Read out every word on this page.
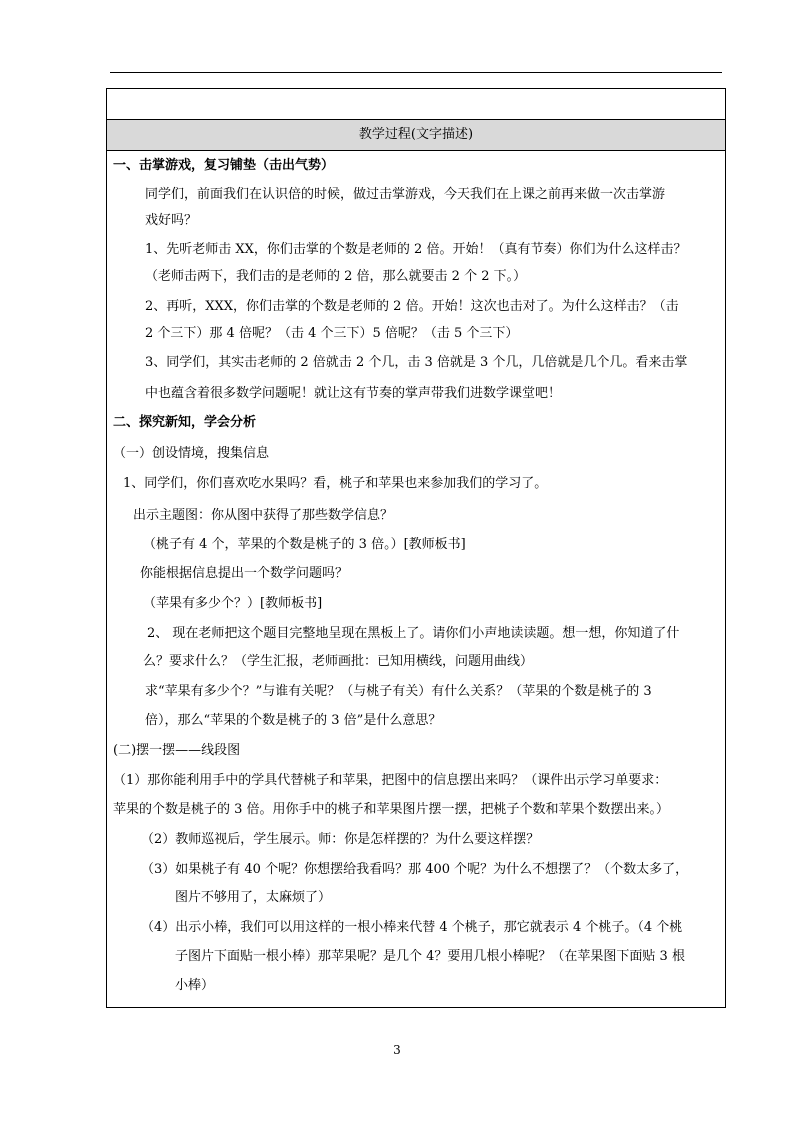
教学过程(文字描述)
一、击掌游戏，复习铺垫（击出气势）
同学们，前面我们在认识倍的时候，做过击掌游戏，今天我们在上课之前再来做一次击掌游
戏好吗？
1、先听老师击 XX，你们击掌的个数是老师的 2 倍。开始！（真有节奏）你们为什么这样击？
（老师击两下，我们击的是老师的 2 倍，那么就要击 2 个 2 下。）
2、再听，XXX，你们击掌的个数是老师的 2 倍。开始！这次也击对了。为什么这样击？（击
2 个三下）那 4 倍呢？（击 4 个三下）5 倍呢？（击 5 个三下）
3、同学们，其实击老师的 2 倍就击 2 个几，击 3 倍就是 3 个几，几倍就是几个几。看来击掌
中也蕴含着很多数学问题呢！就让这有节奏的掌声带我们进数学课堂吧！
二、探究新知，学会分析
（一）创设情境，搜集信息
1、同学们，你们喜欢吃水果吗？看，桃子和苹果也来参加我们的学习了。
出示主题图：你从图中获得了那些数学信息？
（桃子有 4 个，苹果的个数是桃子的 3 倍。）[教师板书]
你能根据信息提出一个数学问题吗？
（苹果有多少个？）[教师板书]
2、 现在老师把这个题目完整地呈现在黑板上了。请你们小声地读读题。想一想，你知道了什
么？要求什么？（学生汇报，老师画批：已知用横线，问题用曲线）
求“苹果有多少个？”与谁有关呢？（与桃子有关）有什么关系？（苹果的个数是桃子的 3
倍），那么“苹果的个数是桃子的 3 倍”是什么意思？
(二)摆一摆——线段图
（1）那你能利用手中的学具代替桃子和苹果，把图中的信息摆出来吗？（课件出示学习单要求：
苹果的个数是桃子的 3 倍。用你手中的桃子和苹果图片摆一摆，把桃子个数和苹果个数摆出来。）
（2）教师巡视后，学生展示。师：你是怎样摆的？为什么要这样摆？
（3）如果桃子有 40 个呢？你想摆给我看吗？那 400 个呢？为什么不想摆了？（个数太多了，
图片不够用了，太麻烦了）
（4）出示小棒，我们可以用这样的一根小棒来代替 4 个桃子，那它就表示 4 个桃子。（4 个桃
子图片下面贴一根小棒）那苹果呢？是几个 4？要用几根小棒呢？（在苹果图下面贴 3 根
小棒）
3
